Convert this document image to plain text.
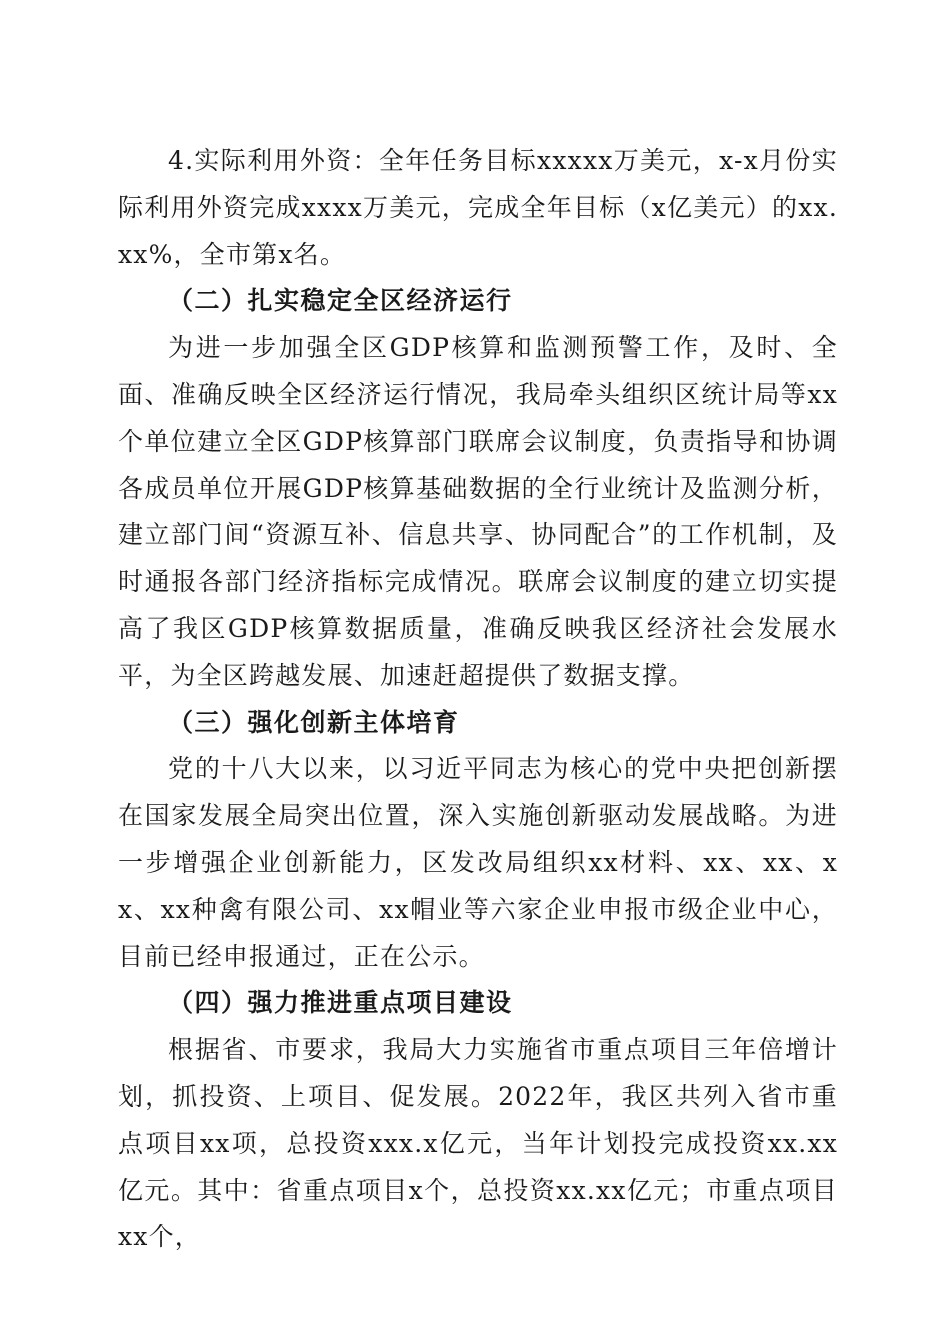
4.实际利用外资：全年任务目标xxxxx万美元，x-x月份实际利用外资完成xxxx万美元，完成全年目标（x亿美元）的xx.xx%，全市第x名。

（二）扎实稳定全区经济运行

为进一步加强全区GDP核算和监测预警工作，及时、全面、准确反映全区经济运行情况，我局牵头组织区统计局等xx个单位建立全区GDP核算部门联席会议制度，负责指导和协调各成员单位开展GDP核算基础数据的全行业统计及监测分析，建立部门间“资源互补、信息共享、协同配合”的工作机制，及时通报各部门经济指标完成情况。联席会议制度的建立切实提高了我区GDP核算数据质量，准确反映我区经济社会发展水平，为全区跨越发展、加速赶超提供了数据支撑。

（三）强化创新主体培育

党的十八大以来，以习近平同志为核心的党中央把创新摆在国家发展全局突出位置，深入实施创新驱动发展战略。为进一步增强企业创新能力，区发改局组织xx材料、xx、xx、xx、xx种禽有限公司、xx帽业等六家企业申报市级企业中心，目前已经申报通过，正在公示。

（四）强力推进重点项目建设

根据省、市要求，我局大力实施省市重点项目三年倍增计划，抓投资、上项目、促发展。2022年，我区共列入省市重点项目xx项，总投资xxx.x亿元，当年计划投完成投资xx.xx亿元。其中：省重点项目x个，总投资xx.xx亿元；市重点项目xx个，
